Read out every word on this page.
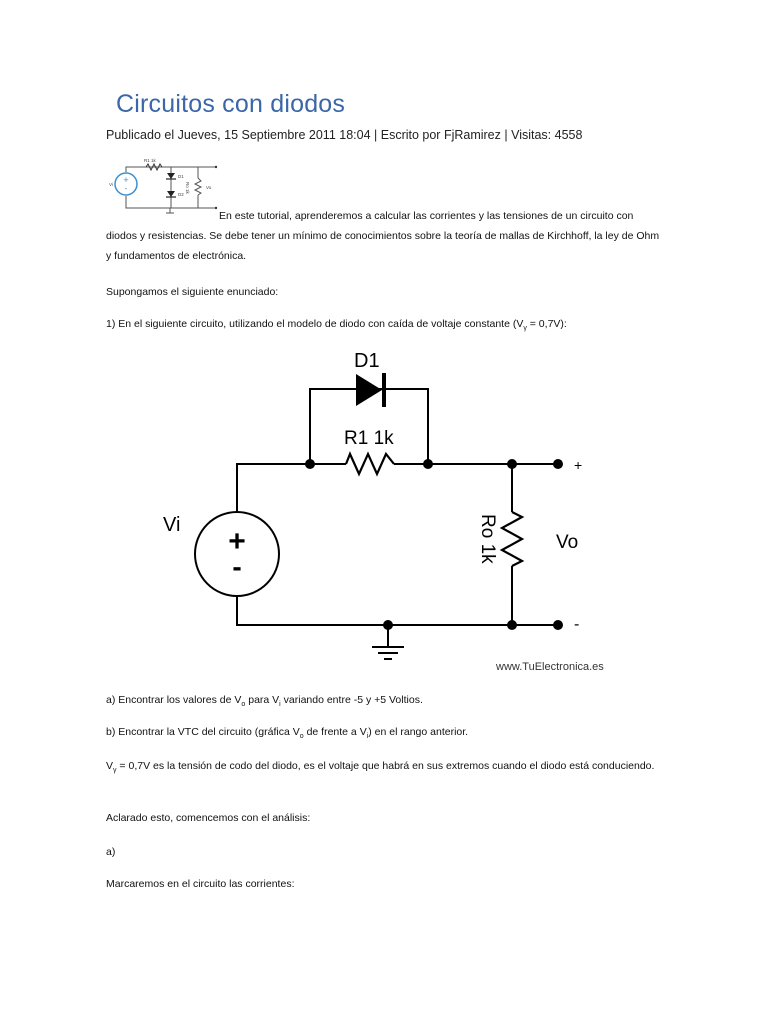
Circuitos con diodos
Publicado el Jueves, 15 Septiembre 2011 18:04 | Escrito por FjRamirez | Visitas: 4558
+
-
Vi
R1 1k
D1
D2
Ro 1k	Vo

En este tutorial, aprenderemos a calcular las corrientes y las tensiones de un circuito con diodos y resistencias. Se debe tener un mínimo de conocimientos sobre la teoría de mallas de Kirchhoff, la ley de Ohm y fundamentos de electrónica.

Supongamos el siguiente enunciado:

1) En el siguiente circuito, utilizando el modelo de diodo con caída de voltaje constante $(V_\gamma = 0,7V)$:

D1
R1 1k
Vi +
-
Ro 1k	Vo
+
-
www.TuElectronica.es

a) Encontrar los valores de $V_o$ para $V_i$ variando entre -5 y +5 Voltios.

b) Encontrar la VTC del circuito (gráfica $V_o$ de frente a $V_i$) en el rango anterior.

$V_\gamma = 0,7V$ es la tensión de codo del diodo, es el voltaje que habrá en sus extremos cuando el diodo está conduciendo.

Aclarado esto, comencemos con el análisis:

a)

Marcaremos en el circuito las corrientes:
